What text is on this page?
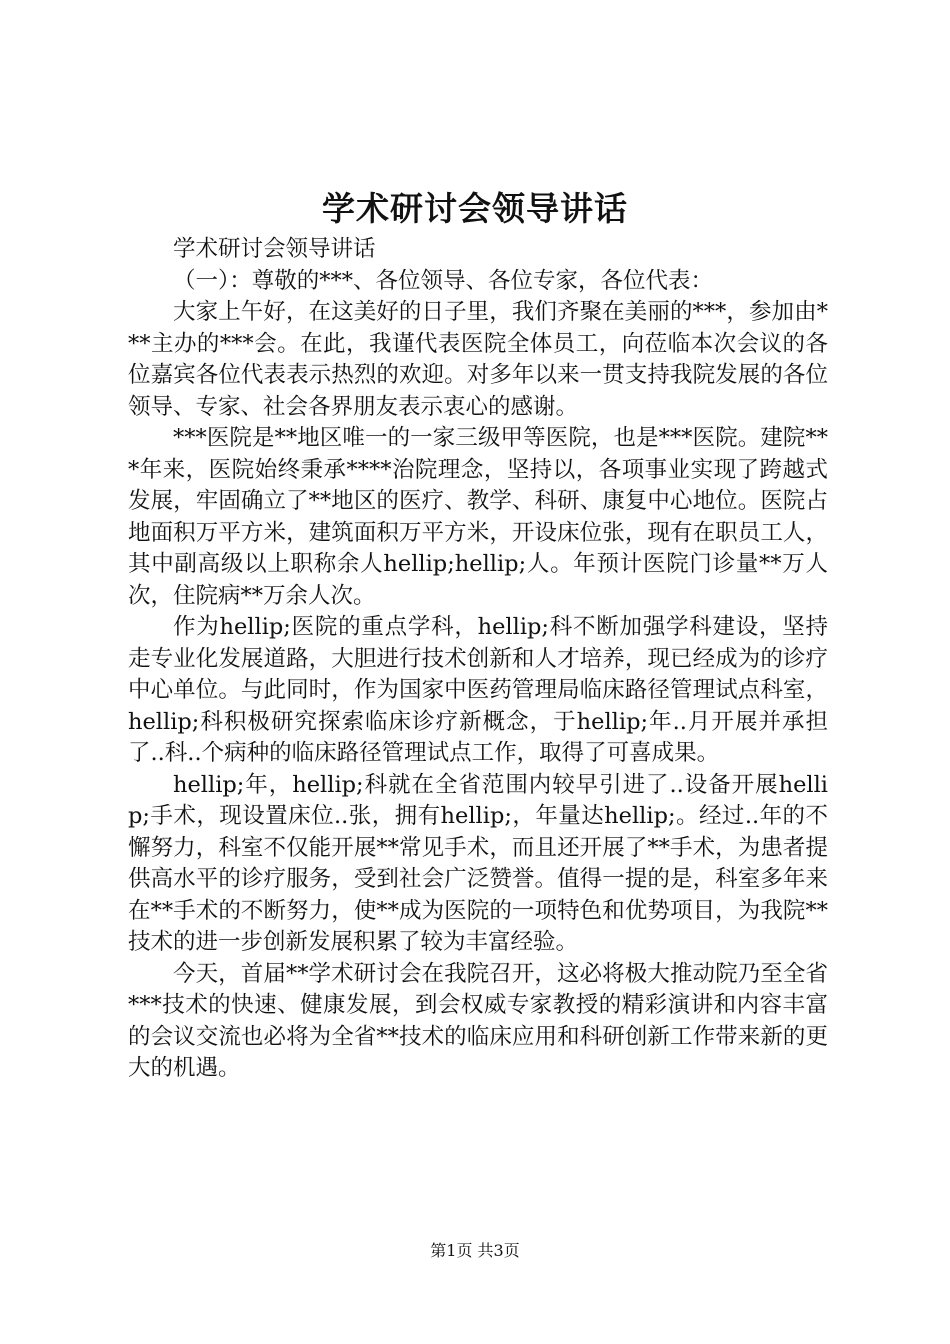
学术研讨会领导讲话

学术研讨会领导讲话

（一）：尊敬的***、各位领导、各位专家，各位代表：

大家上午好，在这美好的日子里，我们齐聚在美丽的***，参加由***主办的***会。在此，我谨代表医院全体员工，向莅临本次会议的各位嘉宾各位代表表示热烈的欢迎。对多年以来一贯支持我院发展的各位领导、专家、社会各界朋友表示衷心的感谢。

***医院是**地区唯一的一家三级甲等医院，也是***医院。建院***年来，医院始终秉承****治院理念，坚持以，各项事业实现了跨越式发展，牢固确立了**地区的医疗、教学、科研、康复中心地位。医院占地面积万平方米，建筑面积万平方米，开设床位张，现有在职员工人，其中副高级以上职称余人hellip;hellip;人。年预计医院门诊量**万人次，住院病**万余人次。

作为hellip;医院的重点学科，hellip;科不断加强学科建设，坚持走专业化发展道路，大胆进行技术创新和人才培养，现已经成为的诊疗中心单位。与此同时，作为国家中医药管理局临床路径管理试点科室，hellip;科积极研究探索临床诊疗新概念，于hellip;年..月开展并承担了..科..个病种的临床路径管理试点工作，取得了可喜成果。

hellip;年，hellip;科就在全省范围内较早引进了..设备开展hellip;手术，现设置床位..张，拥有hellip;，年量达hellip;。经过..年的不懈努力，科室不仅能开展**常见手术，而且还开展了**手术，为患者提供高水平的诊疗服务，受到社会广泛赞誉。值得一提的是，科室多年来在**手术的不断努力，使**成为医院的一项特色和优势项目，为我院**技术的进一步创新发展积累了较为丰富经验。

今天，首届**学术研讨会在我院召开，这必将极大推动院乃至全省***技术的快速、健康发展，到会权威专家教授的精彩演讲和内容丰富的会议交流也必将为全省**技术的临床应用和科研创新工作带来新的更大的机遇。

第1页 共3页
